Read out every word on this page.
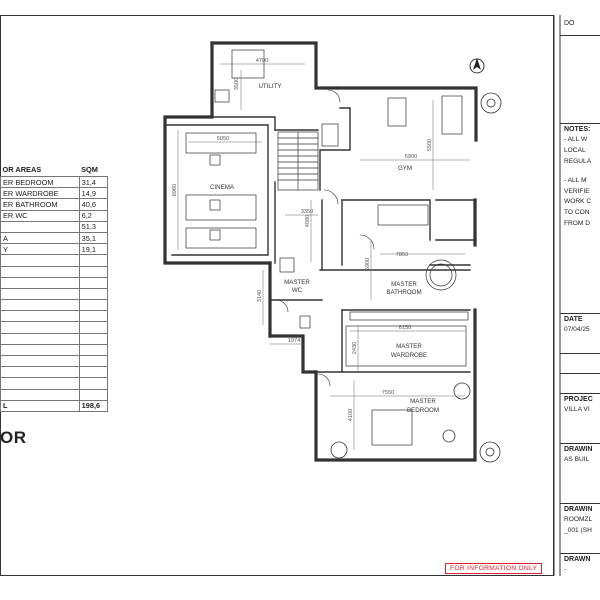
OR AREAS	SQM
ER BEDROOM	31,4
ER WARDROBE	14,9
ER BATHROOM	40,6
ER WC	6,2
	51,3
A	35,1
Y	19,1

L	198,6
OR
UTILITY
CINEMA
GYM
MASTER
WC
MASTER
BATHROOM
MASTER
WARDROBE
MASTER
BEDROOM
4700
3500
5050
6960
5900
5500
3350
4080
7850
5900
3140
1974
6150
2430
7550
4100
DO
NOTES:
- ALL W
LOCAL
REGULA
- ALL M
VERIFIE
WORK C
TO CON
FROM D
DATE
07/04/25
PROJEC
VILLA VI
DRAWIN
AS BUIL
DRAWIN
ROOMZL
_001 (SH
DRAWN
-
FOR INFORMATION ONLY
